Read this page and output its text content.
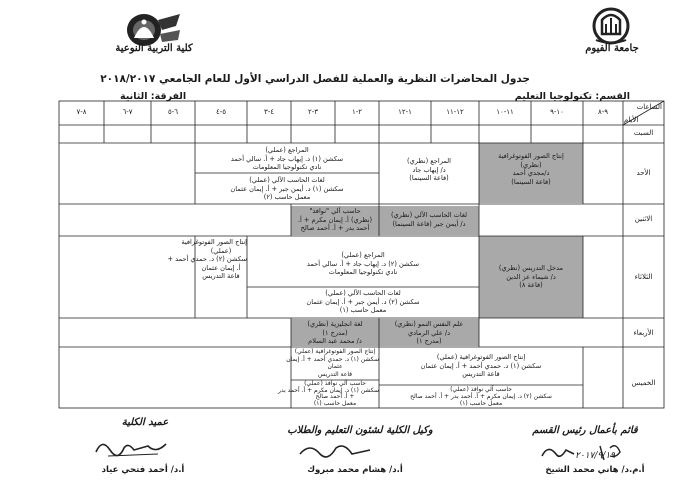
كلية التربية النوعية	جامعة الفيوم
جدول المحاضرات النظرية والعملية للفصل الدراسي الأول للعام الجامعي ٢٠١٨/٢٠١٧
القسم: تكنولوجيا التعليم
الفرقة: الثانية
الساعات
الأيام
٩-٨
١٠-٩
١١-١٠
١٢-١١
١-١٢
٢-١
٣-٢
٤-٣
٥-٤
٦-٥
٧-٦
٨-٧
السبت
الأحد
الاثنين
الثلاثاء
الأربعاء
الخميس
إنتاج الصور الفوتوغرافية
(نظري)
د/مجدي أحمد
(قاعة السينما)
المراجع (نظري)
د/ إيهاب جاد
(قاعة السينما)
المراجع (عملي)
سكشن (١) د. إيهاب جاد + أ. سالي أحمد
نادي تكنولوجيا المعلومات
لغات الحاسب الآلي (عملي)
سكشن (١) د. أيمن جبر + أ. إيمان عثمان
معمل حاسب (٢)
لغات الحاسب الآلي (نظري)
د/ أيمن جبر (قاعة السينما)
حاسب آلي "نوافذ"
(نظري) أ. إيمان مكرم + أ.
أحمد بدر + أ. أحمد صالح
مدخل التدريس (نظري)
د/ شيماء عز الدين
(قاعة ٨)
المراجع (عملي)
سكشن (٢) د. إيهاب جاد + أ. سالي أحمد
نادي تكنولوجيا المعلومات
لغات الحاسب الآلي (عملي)
سكشن (٢) د. أيمن جبر + أ. إيمان عثمان
معمل حاسب (١)
إنتاج الصور الفوتوغرافية
(عملي)
سكشن (٢) د. حمدي أحمد +
أ. إيمان عثمان
قاعة التدريس
علم النفس النمو (نظري)
د/ علي الرمادي
(مدرج ١)
لغة انجليزية (نظري)
(مدرج ١)
د/ محمد عبد السلام
إنتاج الصور الفوتوغرافية (عملي)
سكشن (١) د. حمدي أحمد + أ. إيمان عثمان
قاعة التدريس
حاسب آلي نوافذ (عملي)
سكشن (٢) د. إيمان مكرم + أ. أحمد بدر + أ. أحمد صالح
معمل حاسب (١)
إنتاج الصور الفوتوغرافية (عملي)
سكشن (١) د. حمدي أحمد + أ. إيمان
عثمان
قاعة التدريس
حاسب آلي نوافذ (عملي)
سكشن (١) د. إيمان مكرم + أ. أحمد بدر
+ أ. أحمد صالح
معمل حاسب (١)
عميد الكلية
أ.د/ أحمد فتحي عياد
وكيل الكلية لشئون التعليم والطلاب
أ.د/ هشام محمد مبروك
قائم بأعمال رئيس القسم
٢٠١٧/٩/١٩
أ.م.د/ هاني محمد الشيخ
